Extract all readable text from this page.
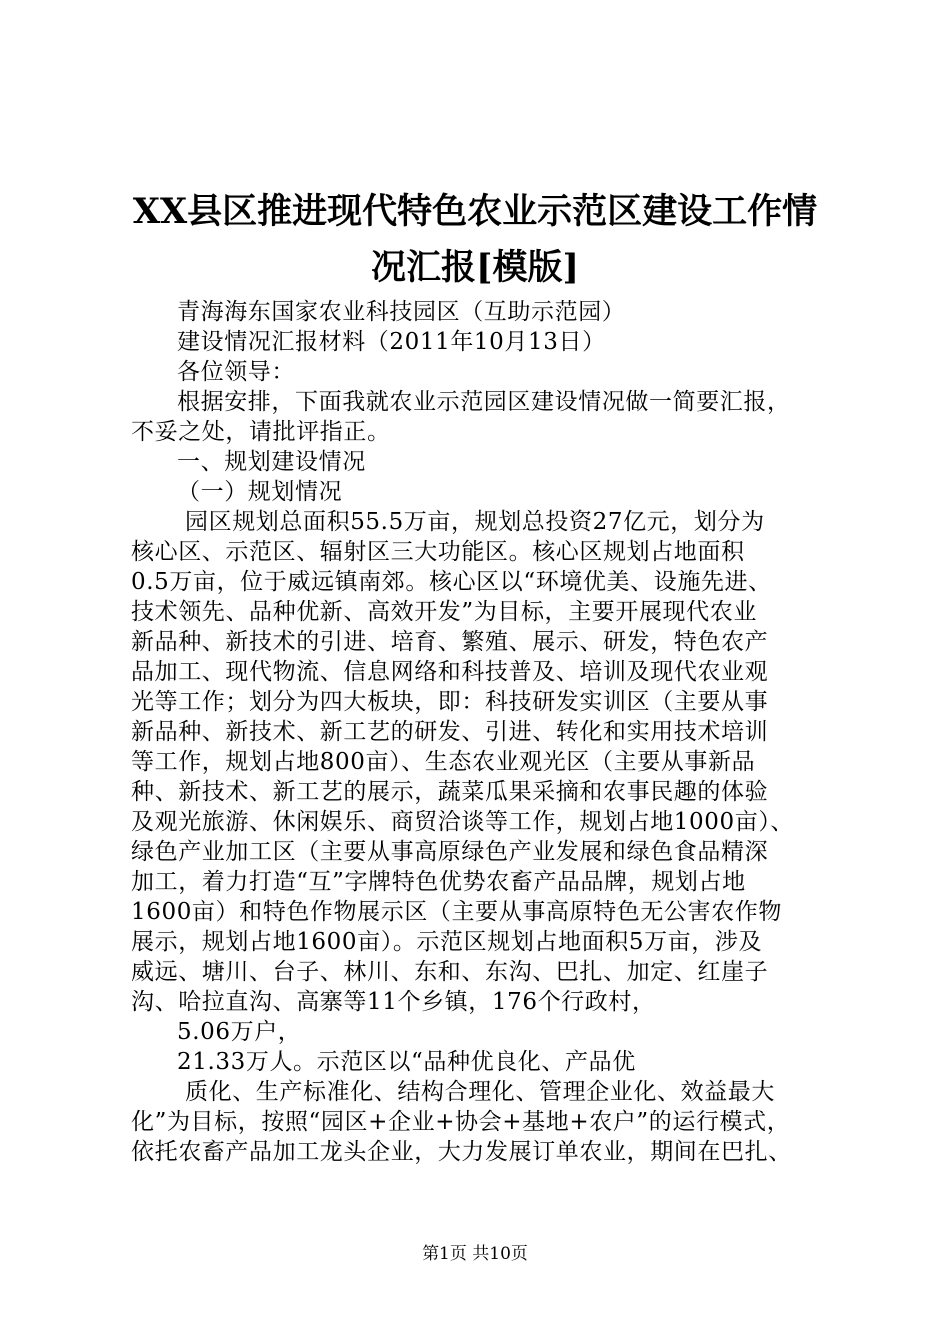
XX县区推进现代特色农业示范区建设工作情
况汇报[模版]
青海海东国家农业科技园区（互助示范园）
建设情况汇报材料（2011年10月13日）
各位领导：
根据安排，下面我就农业示范园区建设情况做一简要汇报，
不妥之处，请批评指正。
一、规划建设情况
（一）规划情况
园区规划总面积55.5万亩，规划总投资27亿元，划分为
核心区、示范区、辐射区三大功能区。核心区规划占地面积
0.5万亩，位于威远镇南郊。核心区以“环境优美、设施先进、
技术领先、品种优新、高效开发”为目标，主要开展现代农业
新品种、新技术的引进、培育、繁殖、展示、研发，特色农产
品加工、现代物流、信息网络和科技普及、培训及现代农业观
光等工作；划分为四大板块，即：科技研发实训区（主要从事
新品种、新技术、新工艺的研发、引进、转化和实用技术培训
等工作，规划占地800亩）、生态农业观光区（主要从事新品
种、新技术、新工艺的展示，蔬菜瓜果采摘和农事民趣的体验
及观光旅游、休闲娱乐、商贸洽谈等工作，规划占地1000亩）、
绿色产业加工区（主要从事高原绿色产业发展和绿色食品精深
加工，着力打造“互”字牌特色优势农畜产品品牌，规划占地
1600亩）和特色作物展示区（主要从事高原特色无公害农作物
展示，规划占地1600亩）。示范区规划占地面积5万亩，涉及
威远、塘川、台子、林川、东和、东沟、巴扎、加定、红崖子
沟、哈拉直沟、高寨等11个乡镇，176个行政村，
5.06万户，
21.33万人。示范区以“品种优良化、产品优
质化、生产标准化、结构合理化、管理企业化、效益最大
化”为目标，按照“园区+企业+协会+基地+农户”的运行模式，
依托农畜产品加工龙头企业，大力发展订单农业，期间在巴扎、
第1页 共10页
